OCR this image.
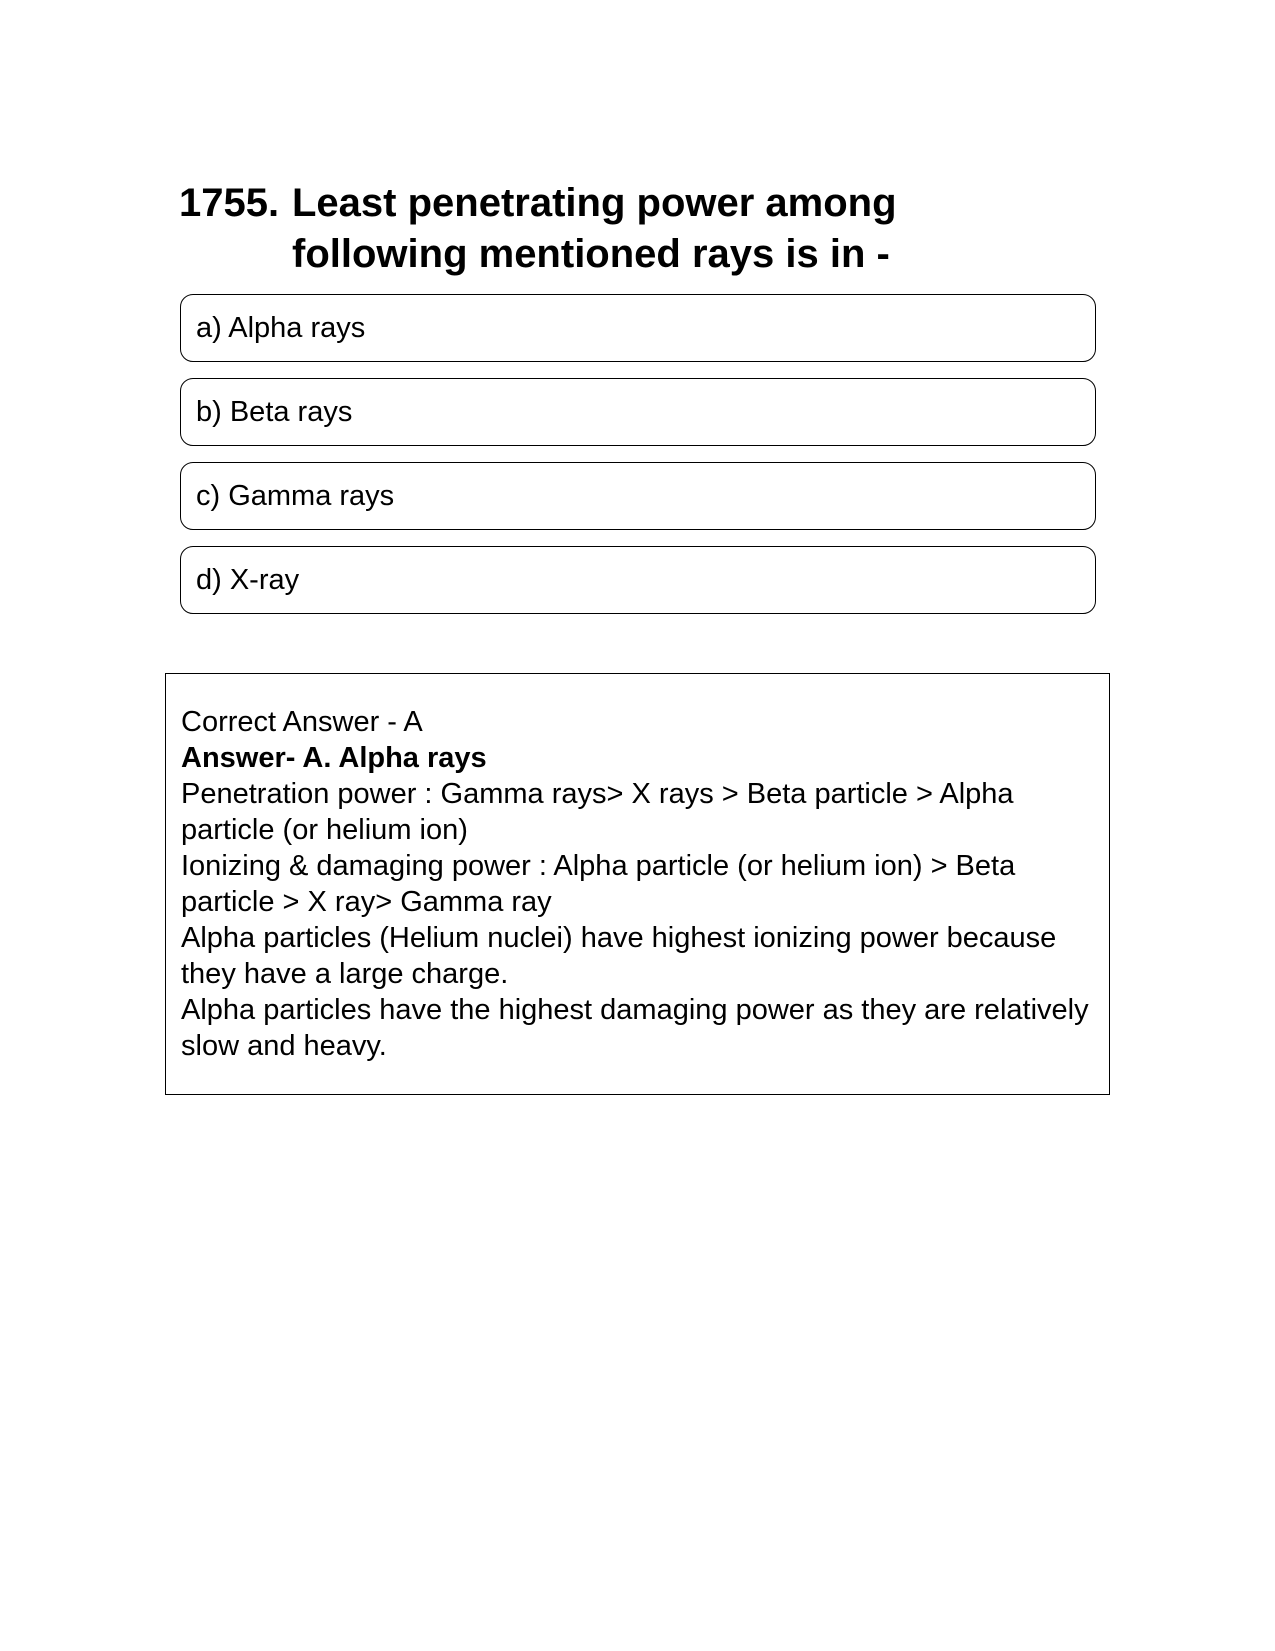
1755. Least penetrating power among
following mentioned rays is in -
a) Alpha rays
b) Beta rays
c) Gamma rays
d) X-ray

Correct Answer - A

Answer- A. Alpha rays

Penetration power : Gamma rays> X rays > Beta particle > Alpha particle (or helium ion)

Ionizing & damaging power : Alpha particle (or helium ion) > Beta particle > X ray> Gamma ray

Alpha particles (Helium nuclei) have highest ionizing power because they have a large charge.

Alpha particles have the highest damaging power as they are relatively slow and heavy.
